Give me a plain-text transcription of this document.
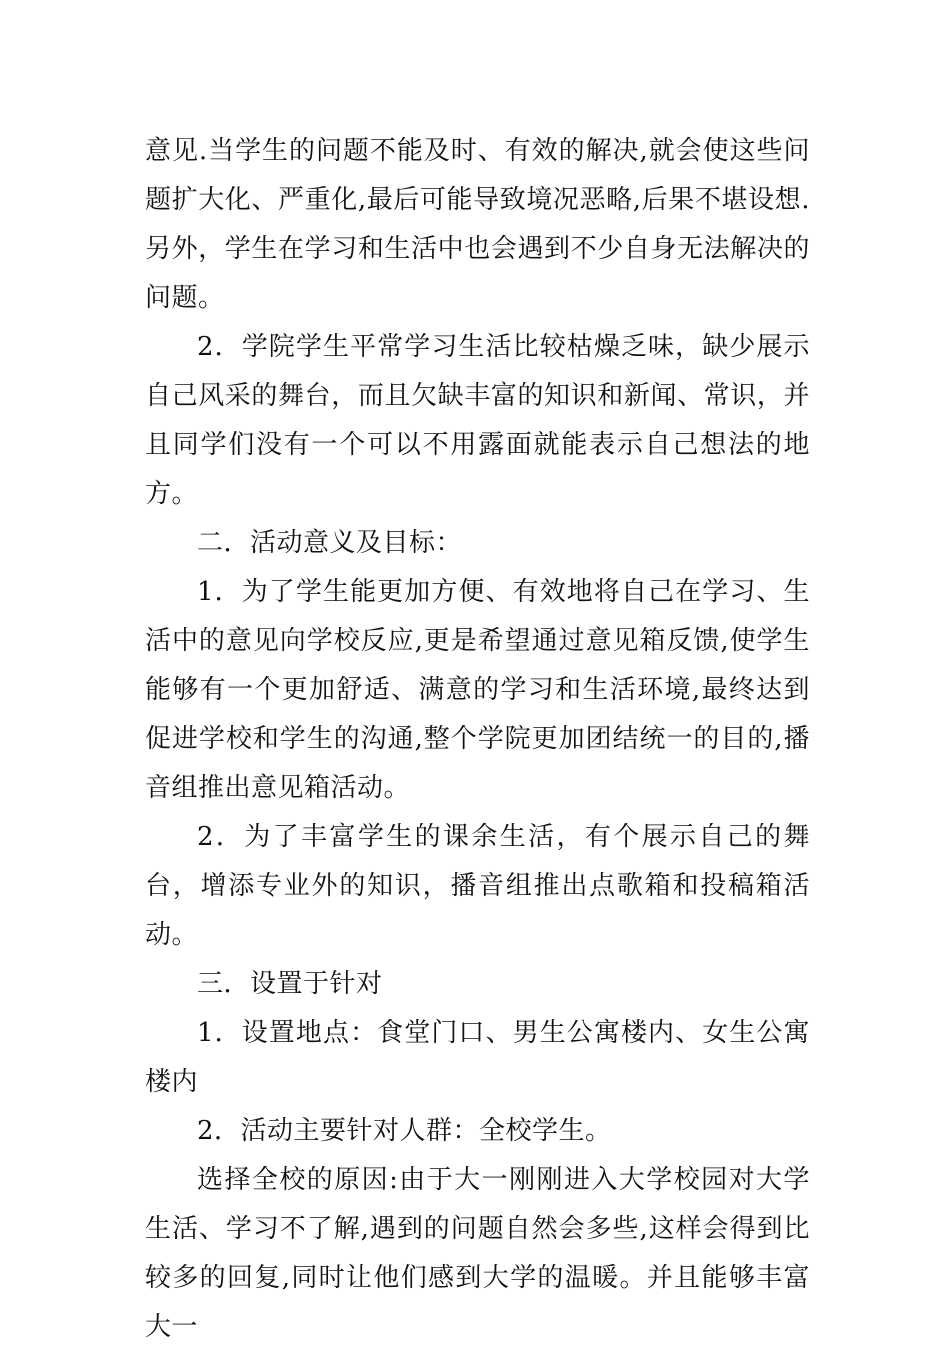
意见.当学生的问题不能及时、有效的解决,就会使这些问题扩大化、严重化,最后可能导致境况恶略,后果不堪设想.另外，学生在学习和生活中也会遇到不少自身无法解决的问题。

2．学院学生平常学习生活比较枯燥乏味，缺少展示自己风采的舞台，而且欠缺丰富的知识和新闻、常识，并且同学们没有一个可以不用露面就能表示自己想法的地方。

二．活动意义及目标：

1．为了学生能更加方便、有效地将自己在学习、生活中的意见向学校反应,更是希望通过意见箱反馈,使学生能够有一个更加舒适、满意的学习和生活环境,最终达到促进学校和学生的沟通,整个学院更加团结统一的目的,播音组推出意见箱活动。

2．为了丰富学生的课余生活，有个展示自己的舞台，增添专业外的知识，播音组推出点歌箱和投稿箱活动。

三．设置于针对

1．设置地点：食堂门口、男生公寓楼内、女生公寓楼内

2．活动主要针对人群：全校学生。

选择全校的原因:由于大一刚刚进入大学校园对大学生活、学习不了解,遇到的问题自然会多些,这样会得到比较多的回复,同时让他们感到大学的温暖。并且能够丰富大一
